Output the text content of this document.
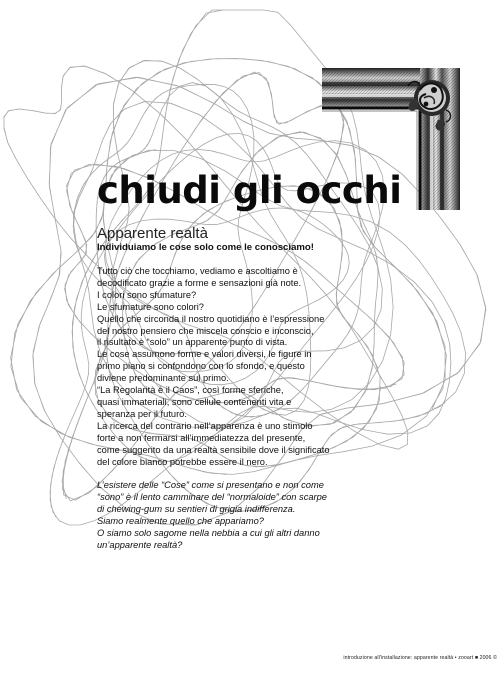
chiudi gli occhi
Apparente realtà

Individuiamo le cose solo come le conosciamo!

Tutto ciò che tocchiamo, vediamo e ascoltiamo è
decodificato grazie a forme e sensazioni già note.
I colori sono sfumature?
Le sfumature sono colori?
Quello che circonda il nostro quotidiano è l’espressione
del nostro pensiero che miscela conscio e inconscio,
il risultato è “solo” un apparente punto di vista.
Le cose assumono forme e valori diversi, le figure in
primo piano si confondono con lo sfondo, e questo
diviene predominante sul primo.
“La Regolarità è il Caos”, così forme sferiche,
quasi immateriali, sono cellule contenenti vita e
speranza per il futuro.
La ricerca del contrario nell’apparenza è uno stimolo
forte a non fermarsi all’immediatezza del presente,
come suggerito da una realtà sensibile dove il significato
del colore bianco potrebbe essere il nero.
L’esistere delle “Cose” come si presentano e non come
“sono” è il lento camminare del “normaloide” con scarpe
di chewing-gum su sentieri di grigia indifferenza.
Siamo realmente quello che appariamo?
O siamo solo sagome nella nebbia a cui gli altri danno
un’apparente realtà?
introduzione all'installazione: apparente realtà • zooart ■ 2006 ©
